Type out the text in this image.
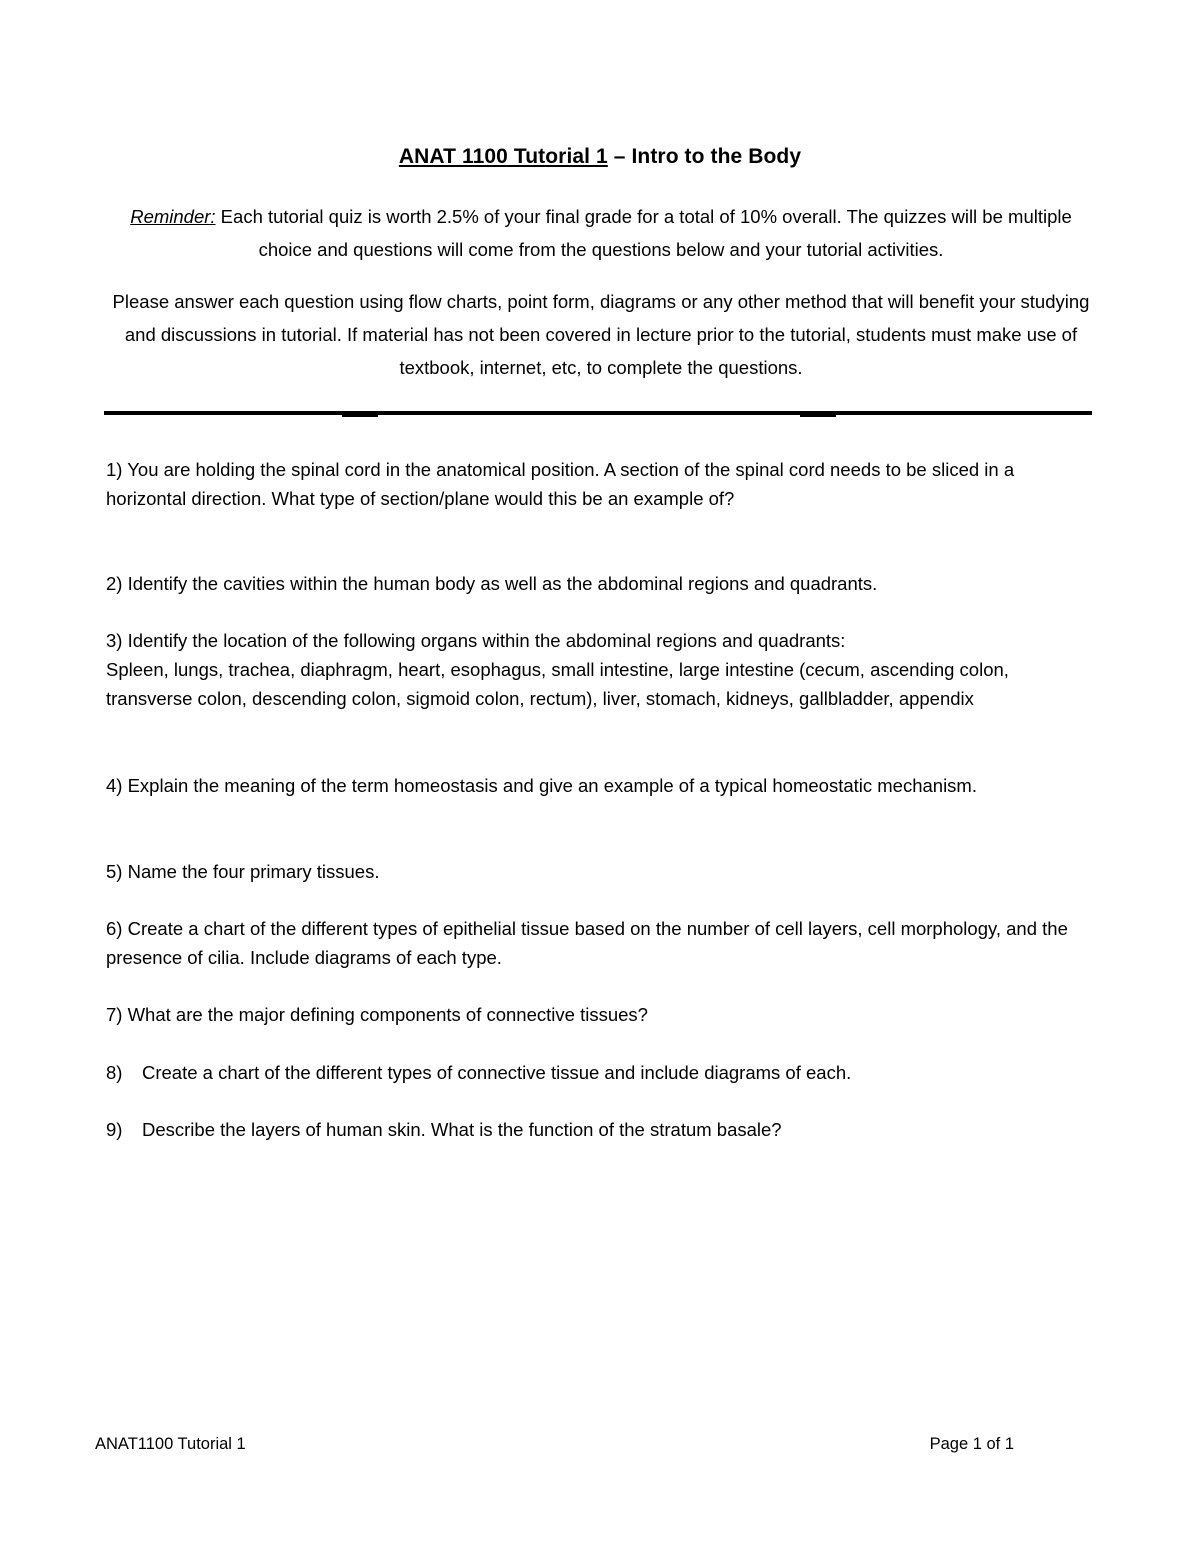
ANAT 1100 Tutorial 1 – Intro to the Body
Reminder: Each tutorial quiz is worth 2.5% of your final grade for a total of 10% overall. The quizzes will be multiple choice and questions will come from the questions below and your tutorial activities.
Please answer each question using flow charts, point form, diagrams or any other method that will benefit your studying and discussions in tutorial. If material has not been covered in lecture prior to the tutorial, students must make use of textbook, internet, etc, to complete the questions.
1) You are holding the spinal cord in the anatomical position. A section of the spinal cord needs to be sliced in a horizontal direction. What type of section/plane would this be an example of?
2) Identify the cavities within the human body as well as the abdominal regions and quadrants.
3) Identify the location of the following organs within the abdominal regions and quadrants:
Spleen, lungs, trachea, diaphragm, heart, esophagus, small intestine, large intestine (cecum, ascending colon, transverse colon, descending colon, sigmoid colon, rectum), liver, stomach, kidneys, gallbladder, appendix
4) Explain the meaning of the term homeostasis and give an example of a typical homeostatic mechanism.
5) Name the four primary tissues.
6) Create a chart of the different types of epithelial tissue based on the number of cell layers, cell morphology, and the presence of cilia. Include diagrams of each type.
7) What are the major defining components of connective tissues?
8) Create a chart of the different types of connective tissue and include diagrams of each.
9) Describe the layers of human skin. What is the function of the stratum basale?
ANAT1100 Tutorial 1	Page 1 of 1
